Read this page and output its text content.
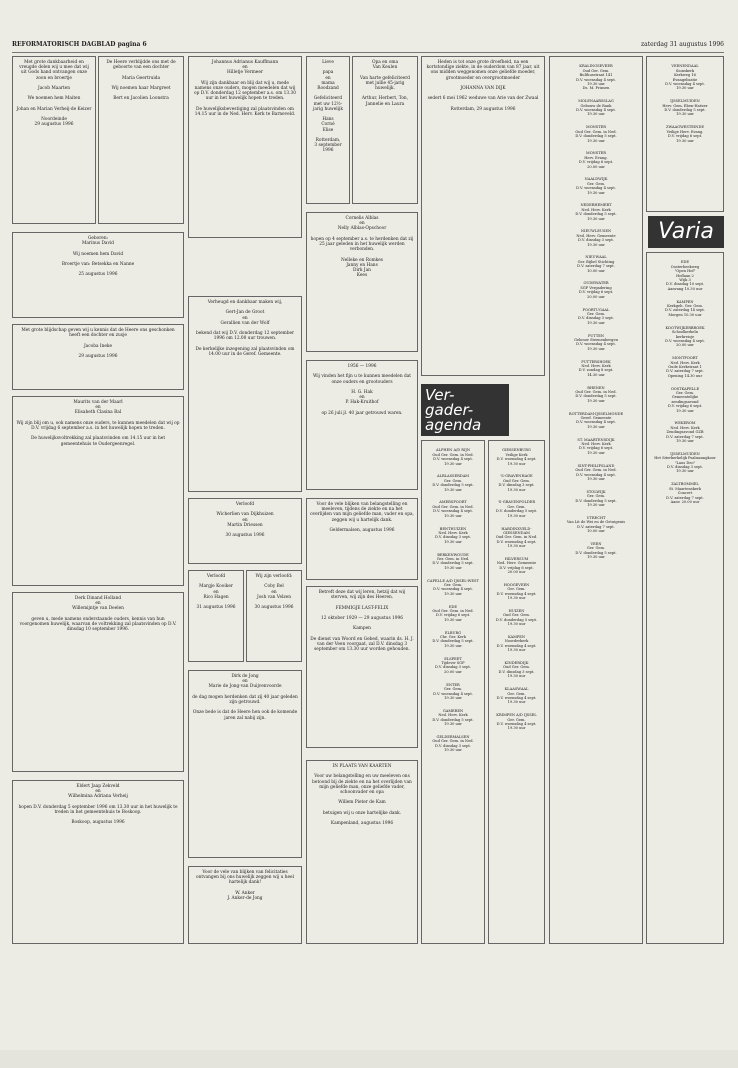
REFORMATORISCH DAGBLAD pagina 6	zaterdag 31 augustus 1996
Met grote dankbaarheid en vreugde delen wij u mee dat wij uit Gods hand ontvangen onze zoon en broertje

Jacob Maarten

We noemen hem Maiten

Johan en Marian Verheij-de Keizer

Noordeinde
29 augustus 1996
De Heere verblijdde ons met de geboorte van een dochter

Maria Geertruida

Wij noemen haar Margreet

Bert en Jacolien Loonstra
Geboren:
Marinus David

Wij noemen hem David

Broertje van: Betsekka en Nanne

25 augustus 1996
Met grote blijdschap geven wij u kennis dat de Heere ons geschonken heeft een dochter en zusje

Jacoba Ineke

29 augustus 1996
Maurits van der Maarl
en
Elisabeth Clasina Bal

Wij zijn blij om u, ook namens onze ouders, te kunnen meedelen dat wij op D.V. vrijdag 6 september a.s. in het huwelijk hopen te treden.

De huwelijksvoltrekking zal plaatsvinden om 14.15 uur in het gemeentehuis te Oudergeenregel.
Derk Dinand Holland
en
Willemijntje van Deelen

geven u, mede namens onderstaande ouders, kennis van hun voorgenomen huwelijk, waarvan de voltrekking zal plaatsvinden op D.V. dinsdag 10 september 1996.
Eldert Jaap Zekveld
en
Wilhelmina Adriana Verheij

hopen D.V. donderdag 5 september 1996 om 13.30 uur in het huwelijk te treden in het gemeentehuis te Boskoop.

Boskoop, augustus 1996
Johannus Adrianus Kauffmann
en
Hilletje Vermeer

Wij zijn dankbaar en blij dat wij u, mede namens onze ouders, mogen meedelen dat wij op D.V. donderdag 12 september a.s. om 13.30 uur in het huwelijk hopen te treden.

De huwelijksbevestiging zal plaatsvinden om 14.15 uur in de Ned. Herv. Kerk te Barneveld.
Verheugd en dankbaar maken wij,

Gert-Jan de Groot
en
Gerallien van der Wolf

bekend dat wij D.V. donderdag 12 september 1996 om 12.00 uur trouwen.

De kerkelijke inzegening zal plaatsvinden om 14.00 uur in de Geref. Gemeente.
Verloofd

Wicherlien van Dijkhuizen
en
Martin Driessen

30 augustus 1996
Verloofd

Margje Kooiker
en
Rico Hagen

31 augustus 1996
Wij zijn verloofd:

Coby Bel
en
Josh van Velzen

30 augustus 1996
Dirk de Jong
en
Marie de Jong-van Duijvenvoorde

de dag mogen herdenken dat zij 40 jaar geleden zijn getrouwd.

Onze bede is dat de Heere hen ook de komende jaren zal nabij zijn.
Voor de vele van blijken van felicitaties ontvangen bij ons huwelijk zeggen wij u heel hartelijk dank!

W. Anker
J. Anker-de Jong
Lieve

papa
en
mama
Roodzand

Gefeliciteerd met uw 12½-jarig huwelijk

Hans
Corné
Elise

Rotterdam,
3 september 1996
Opa en oma
Van Keulen

Van harte gefeliciteerd met jullie 45-jarig huwelijk.

Arthur, Herbert, Ton, Jannelie en Laura
Cornelis Alblas
en
Nelly Alblas-Opschoor

hopen op 4 september a.s. te herdenken dat zij 25 jaar geleden in het huwelijk werden verbonden.

Nelleke en Romkes
Janny en Hans
Dirk Jan
Kees
1956 — 1996

Wij vinden het fijn u te kunnen meedelen dat onze ouders en grootouders

H. G. Hak
en
P. Hak-Kruithof

op 26 juli jl. 40 jaar getrouwd waren.
Voor de vele blijken van belangstelling en meeleven, tijdens de ziekte en na het overlijden van mijn geliefde man, vader en opa, zeggen wij u hartelijk dank.

Geldermalsen, augustus 1996
Betreft deze dat wij leren, hetzij dat wij sterven, wij zijn des Heeren.

FEMMIGJE LAST-FELIX

12 oktober 1929 — 29 augustus 1996

Kampen

De dienst van Woord en Gebed, waarin ds. H. J. van der Veen voorgaat, zal D.V. dinsdag 3 september om 13.30 uur worden gehouden.
IN PLAATS VAN KAARTEN

Voor uw belangstelling en uw meeleven ons betoond bij de ziekte en na het overlijden van mijn geliefde man, onze geliefde vader, schoonvader en opa

Willem Pieter de Kam

betuigen wij u onze hartelijke dank.

Kampenland, augustus 1996
Heden is tot onze grote droefheid, na een kortstondige ziekte, in de ouderdom van 87 jaar, uit ons midden weggenomen onze geliefde moeder, grootmoeder en overgrootmoeder

JOHANNA VAN DIJK

sedert 6 mei 1962 weduwe van Arie van der Zwaal

Rotterdam, 29 augustus 1996
Ver-
gader-
agenda

ALPHEN A/D RIJN
Oud Ger. Gem. in Ned.
D.V. woensdag 4 sept.
19.30 uur

ALBLASSERDAM
Ger. Gem.
D.V. donderdag 5 sept.
19.30 uur

AMERSFOORT
Oud Ger. Gem. in Ned.
D.V. woensdag 4 sept.
19.30 uur

BENTHUIZEN
Ned. Herv. Kerk
D.V. dinsdag 3 sept.
19.30 uur

BERKENWOUDE
Ger. Gem. in Ned.
D.V. donderdag 5 sept.
19.30 uur

CAPELLE A/D IJSSEL-WEST
Ger. Gem.
D.V. woensdag 4 sept.
19.30 uur

EDE
Oud Ger. Gem. in Ned.
D.V. vrijdag 6 sept.
19.30 uur

ELBURG
Chr. Ger. Kerk
D.V. donderdag 5 sept.
19.30 uur

ELSPEET
Tijdeviv SGP
D.V. dinsdag 3 sept.
20.00 uur

ENTER
Ger. Gem.
D.V. woensdag 4 sept.
19.30 uur

GAMEREN
Ned. Herv. Kerk
D.V. donderdag 5 sept.
19.30 uur

GELDERMALSEN
Oud Ger. Gem. in Ned.
D.V. dinsdag 3 sept.
19.30 uur

GIESSENBURG
Veilige Kerk
D.V. woensdag 4 sept.
19.30 uur

'S-GRAVENHAGE
Oud Ger. Gem.
D.V. dinsdag 3 sept.
19.30 uur

'S-GRAVENPOLDER
Ger. Gem.
D.V. donderdag 5 sept.
19.30 uur

HARDINXVELD-GIESSENDAM
Oud Ger. Gem. in Ned.
D.V. woensdag 4 sept.
19.30 uur

HILVERSUM
Ned. Herv. Gemeente
D.V. vrijdag 6 sept.
20.00 uur

HOOGEVEEN
Ger. Gem.
D.V. woensdag 4 sept.
19.30 uur

HUIZEN
Oud Ger. Gem.
D.V. donderdag 5 sept.
19.30 uur

KAMPEN
Noorderkerk
D.V. woensdag 4 sept.
19.30 uur

KINDERDIJK
Oud Ger. Gem.
D.V. dinsdag 3 sept.
19.30 uur

KLAASWAAL
Ger. Gem.
D.V. woensdag 4 sept.
19.30 uur

KRIMPEN A/D IJSSEL
Ger. Gem.
D.V. woensdag 4 sept.
19.30 uur

KRALINGSEVEER
Oud Ger. Gem.
Bulthusstraat 141
D.V. woensdag 4 sept.
19.30 uur
Ds. M. Prinsen

MOLENAARSSLAG
Gebouw de Rank
D.V. woensdag 4 sept.
19.30 uur

MONSTER
Oud Ger. Gem. in Ned.
D.V. donderdag 5 sept.
19.30 uur

MONSTER
Herv. Evang.
D.V. vrijdag 6 sept.
20.00 uur

NAALDWIJK
Ger. Gem.
D.V. woensdag 4 sept.
19.30 uur

NEDERHEMERT
Ned. Herv. Kerk
D.V. donderdag 5 sept.
19.30 uur

NIEUWLEUSEN
Ned. Herv. Gemeente
D.V. dinsdag 3 sept.
19.30 uur

NIEUWAAL
Ger. Bijbel Stichting
D.V. zaterdag 7 sept.
10.00 uur

OUDEWATER
SGP Vergadering
D.V. vrijdag 6 sept.
20.00 uur

POORTUGAAL
Ger. Gem.
D.V. dinsdag 3 sept.
19.30 uur

PUTTEN
Gebouw Steenenbergen
D.V. woensdag 4 sept.
19.30 uur

PUTTERSHOEK
Ned. Herv. Kerk
D.V. zondag 8 sept.
14.30 uur

RHENEN
Oud Ger. Gem. in Ned.
D.V. donderdag 5 sept.
19.30 uur

ROTTERDAM-IJSSELMONDE
Geref. Gemeente
D.V. woensdag 4 sept.
19.30 uur

ST. MAARTENSDIJK
Ned. Herv. Kerk
D.V. vrijdag 6 sept.
19.30 uur

SINT-PHILIPSLAND
Oud Ger. Gem. in Ned.
D.V. woensdag 4 sept.
19.30 uur

STOLWIJK
Ger. Gem.
D.V. donderdag 5 sept.
19.30 uur

UTRECHT
Van Lit de Wei en de Getuigenis
D.V. zaterdag 7 sept.
10.00 uur

VEEN
Ger. Gem.
D.V. donderdag 5 sept.
19.30 uur

VEENENDAAL
Sionskerk
Kerkweg 16
Evangelisatie
D.V. woensdag 4 sept.
19.30 uur

IJSSELMUIDEN
Herv. Gem. Eben-Haëzer
D.V. donderdag 5 sept.
19.30 uur

ZWAAGWESTEINDE
Veilige Herv. Evang.
D.V. vrijdag 6 sept.
19.30 uur

Varia

EDE
Oosterbeekweg
"Open Hof"
Hoflaan 2
Wijk 3
D.V. dinsdag 10 sept.
Aanvang 10.30 uur

KAMPEN
Kerkgeb. Ger. Gem.
D.V. zaterdag 14 sept.
Morgen 10.30 uur

KOOTWIJKERBROEK
Schoolkerkeln
kerkreisje
D.V. woensdag 4 sept.
20.00 uur

MONTFOORT
Ned. Herv. Kerk
Oude Kerkstraat 1
D.V. zaterdag 7 sept.
Opening 14.30 uur

OOSTKAPELLE
Ger. Gem.
Gemeentelijke
zendingsavond
D.V. vrijdag 6 sept.
19.30 uur

WEKEROM
Ned. Herv. Kerk
Zendingsavond GZB
D.V. zaterdag 7 sept.
19.30 uur

IJSSELMUIDEN
Het Siterkerkelijk Psalmzangkoor
"Laus Deo"
D.V. dinsdag 3 sept.
19.30 uur

ZALTBOMMEL
St. Maartenskerk
Concert
D.V. zaterdag 7 sept.
Aanv. 20.00 uur
